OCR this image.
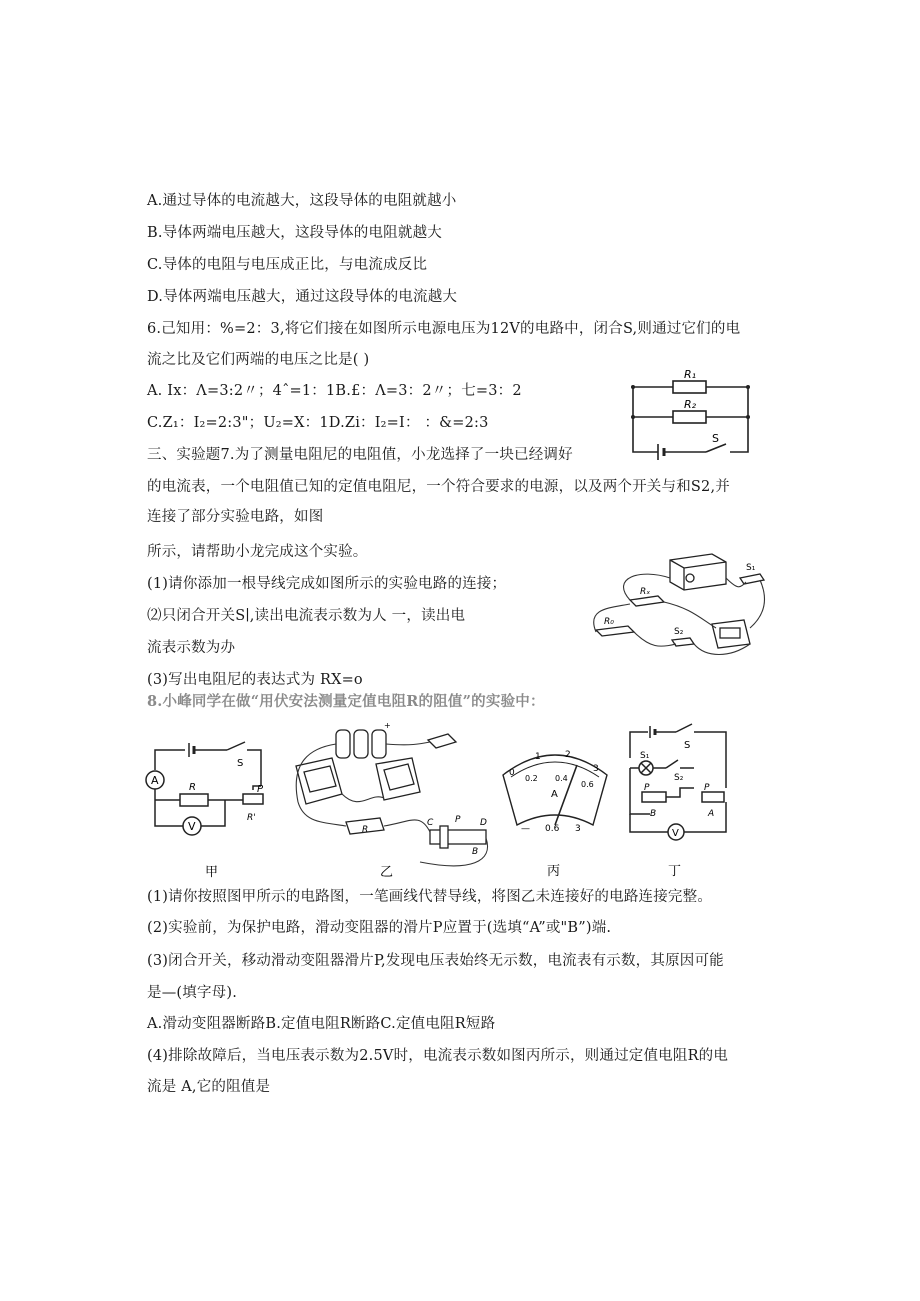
A.通过导体的电流越大，这段导体的电阻就越小
B.导体两端电压越大，这段导体的电阻就越大
C.导体的电阻与电压成正比，与电流成反比
D.导体两端电压越大，通过这段导体的电流越大
6.己知用：%=2：3,将它们接在如图所示电源电压为12V的电路中，闭合S,则通过它们的电
流之比及它们两端的电压之比是( )
A. Ix：Λ=3:2〃；4ˆ=1：1B.£：Λ=3：2〃；七=3：2
C.Z₁：I₂=2:3"；U₂=X：1D.Zi：I₂=I： ：&=2:3
三、实验题7.为了测量电阻尼的电阻值，小龙选择了一块已经调好
的电流表，一个电阻值已知的定值电阻尼，一个符合要求的电源，以及两个开关与和S2,并
连接了部分实验电路，如图
所示，请帮助小龙完成这个实验。
(1)请你添加一根导线完成如图所示的实验电路的连接；
⑵只闭合开关S∣,读出电流表示数为人 一，读出电
流表示数为办
(3)写出电阻尼的表达式为 RX=o
8.小峰同学在做“用伏安法测量定值电阻R的阻值”的实验中：
(1)请你按照图甲所示的电路图，一笔画线代替导线，将图乙未连接好的电路连接完整。
(2)实验前，为保护电路，滑动变阻器的滑片P应置于(选填“A”或"B”)端.
(3)闭合开关，移动滑动变阻器滑片P,发现电压表始终无示数，电流表有示数，其原因可能
是—(填字母).
A.滑动变阻器断路B.定值电阻R断路C.定值电阻R短路
(4)排除故障后，当电压表示数为2.5V时，电流表示数如图丙所示，则通过定值电阻R的电
流是 A,它的阻值是
R₁
R₂
S
Rₓ
R₀
S₁
S₂
A
V
R
S
P
R'
甲
+
R
C P D
B
乙
0
1	2
3
0.2 0.4
0.6
A
— 0.6 3
丙
S
S₁
S₂
P	P
B	A
V
丁
